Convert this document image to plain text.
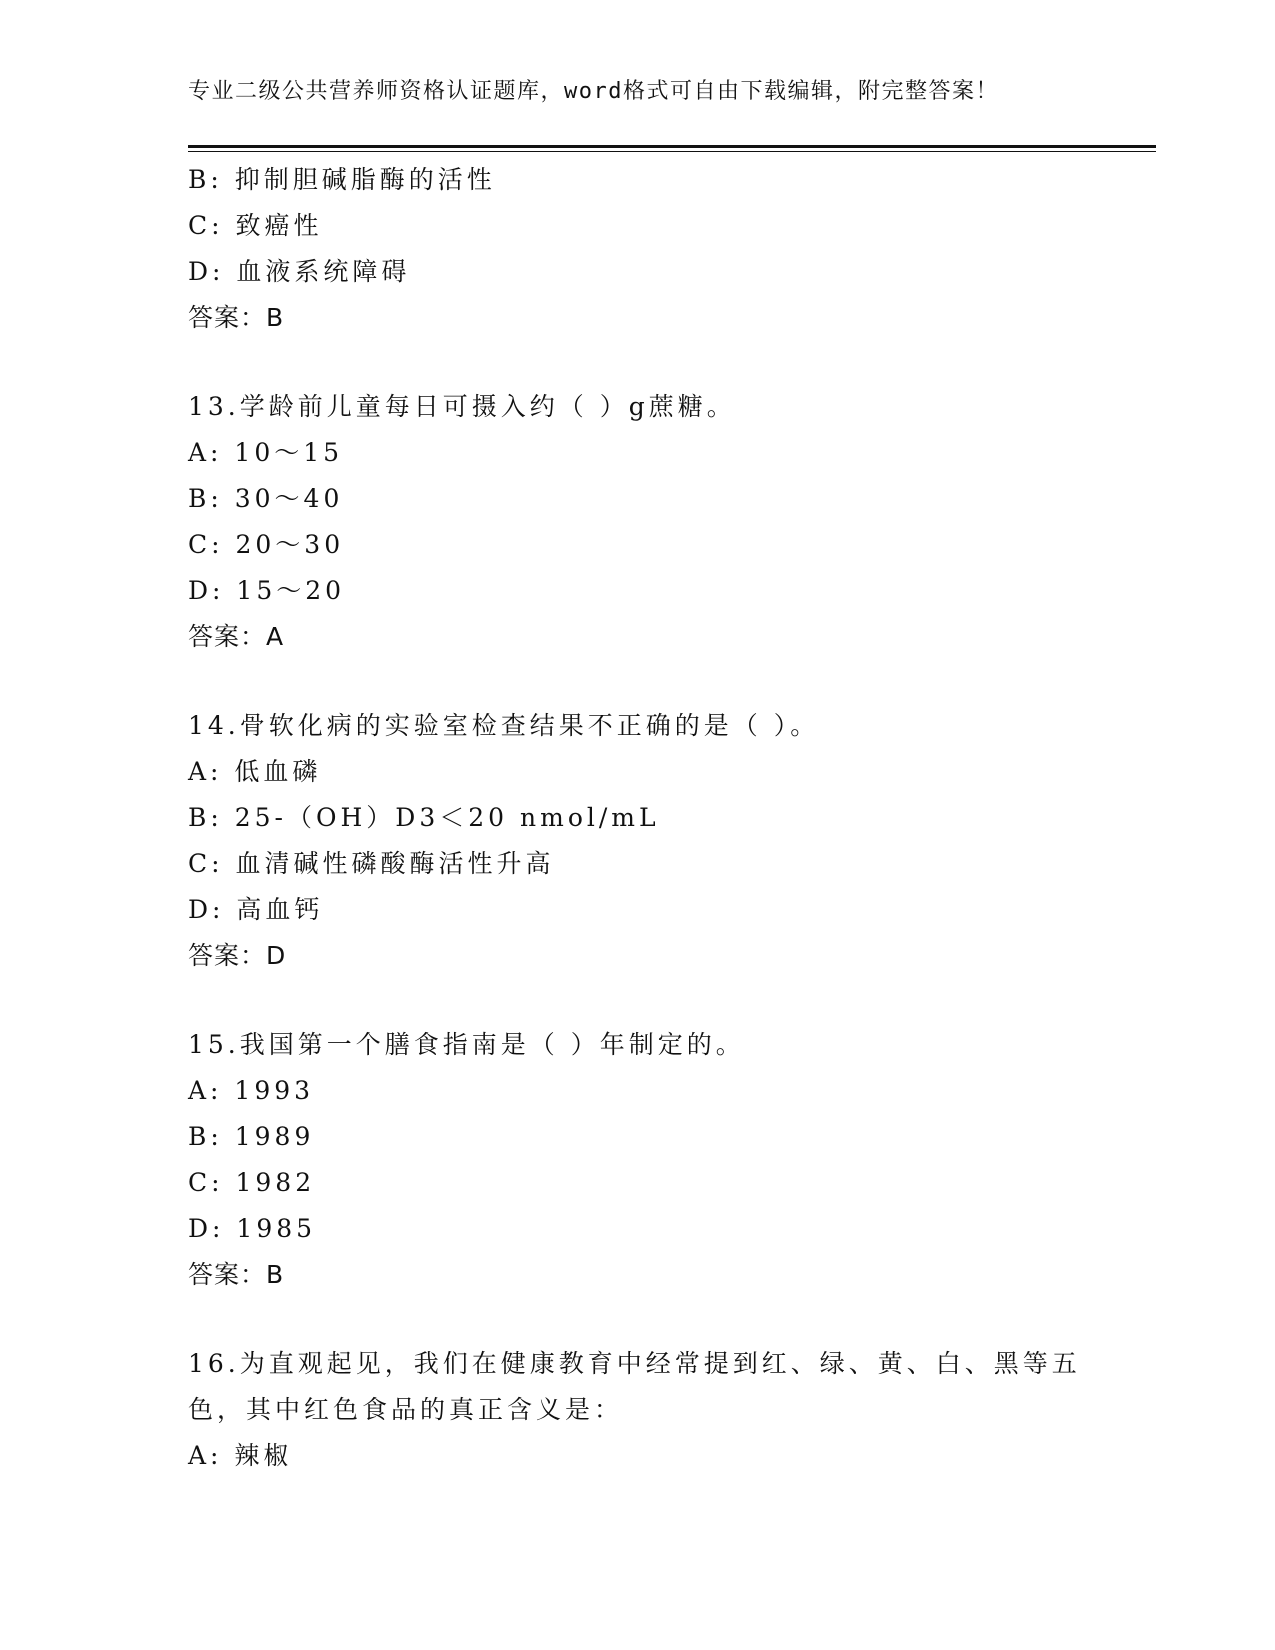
专业二级公共营养师资格认证题库，word格式可自由下载编辑，附完整答案！
B: 抑制胆碱脂酶的活性
C: 致癌性
D: 血液系统障碍
答案：B
13.学龄前儿童每日可摄入约（ ）g蔗糖。
A: 10～15
B: 30～40
C: 20～30
D: 15～20
答案：A
14.骨软化病的实验室检查结果不正确的是（ ）。
A: 低血磷
B: 25-（OH）D3＜20 nmol/mL
C: 血清碱性磷酸酶活性升高
D: 高血钙
答案：D
15.我国第一个膳食指南是（ ）年制定的。
A: 1993
B: 1989
C: 1982
D: 1985
答案：B
16.为直观起见，我们在健康教育中经常提到红、绿、黄、白、黑等五
色，其中红色食品的真正含义是：
A: 辣椒
